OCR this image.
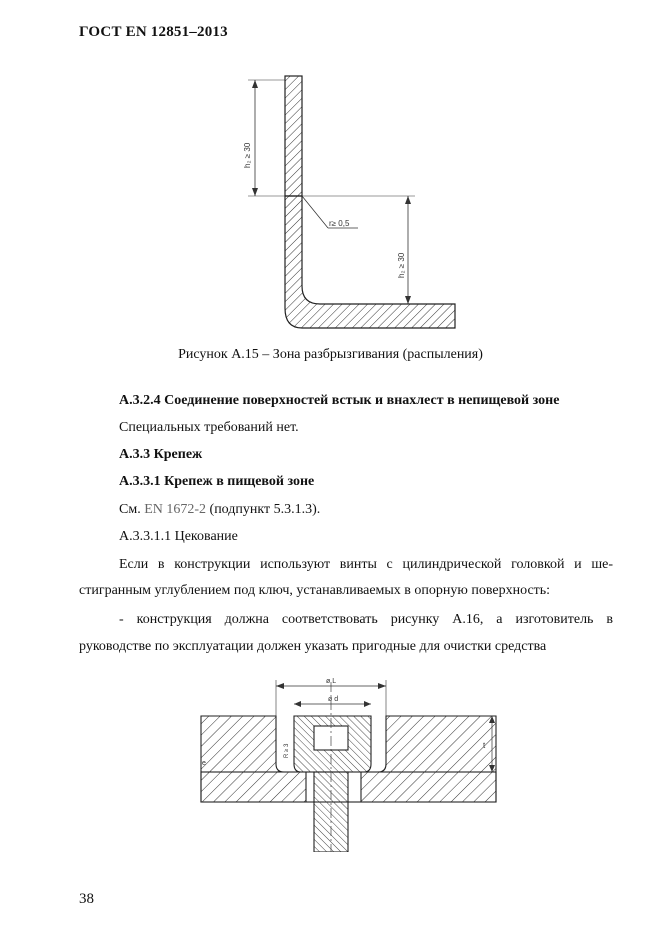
ГОСТ EN 12851–2013
h₂ ≥ 30
h₂ ≥ 30
r≥ 0,5
Рисунок А.15 – Зона разбрызгивания (распыления)
А.3.2.4 Соединение поверхностей встык и внахлест в непищевой зоне
Специальных требований нет.
А.3.3 Крепеж
А.3.3.1 Крепеж в пищевой зоне
См. EN 1672-2 (подпункт 5.3.1.3).
А.3.3.1.1 Цекование
Если в конструкции используют винты с цилиндрической головкой и ше-
стигранным углублением под ключ, устанавливаемых в опорную поверхность:
- конструкция должна соответствовать рисунку А.16, а изготовитель в
руководстве по эксплуатации должен указать пригодные для очистки средства
ø L
ø d
t
R ≥ 3
e
38
